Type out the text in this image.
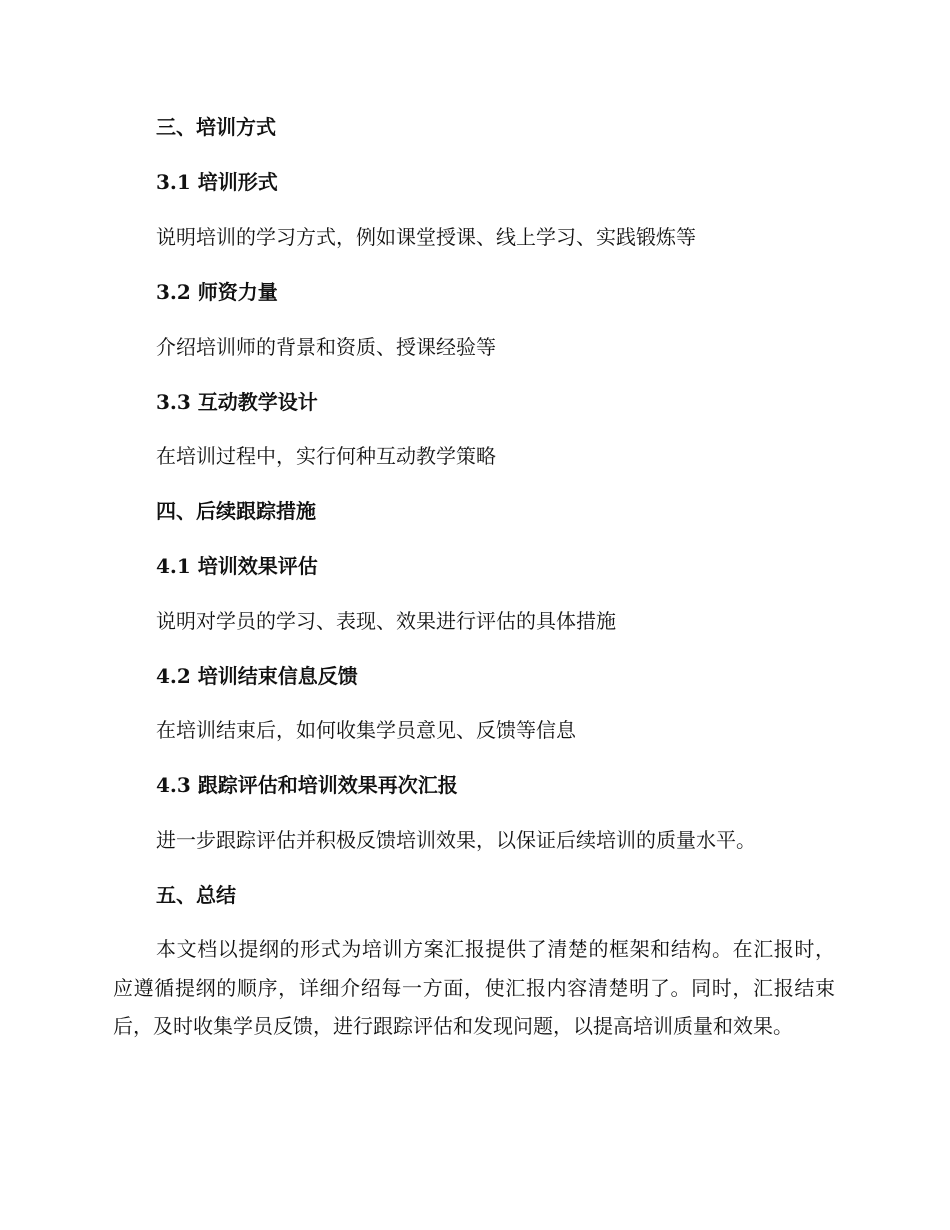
三、培训方式
3.1 培训形式
说明培训的学习方式，例如课堂授课、线上学习、实践锻炼等
3.2 师资力量
介绍培训师的背景和资质、授课经验等
3.3 互动教学设计
在培训过程中，实行何种互动教学策略
四、后续跟踪措施
4.1 培训效果评估
说明对学员的学习、表现、效果进行评估的具体措施
4.2 培训结束信息反馈
在培训结束后，如何收集学员意见、反馈等信息
4.3 跟踪评估和培训效果再次汇报
进一步跟踪评估并积极反馈培训效果，以保证后续培训的质量水平。
五、总结

本文档以提纲的形式为培训方案汇报提供了清楚的框架和结构。在汇报时，应遵循提纲的顺序，详细介绍每一方面，使汇报内容清楚明了。同时，汇报结束后，及时收集学员反馈，进行跟踪评估和发现问题，以提高培训质量和效果。
